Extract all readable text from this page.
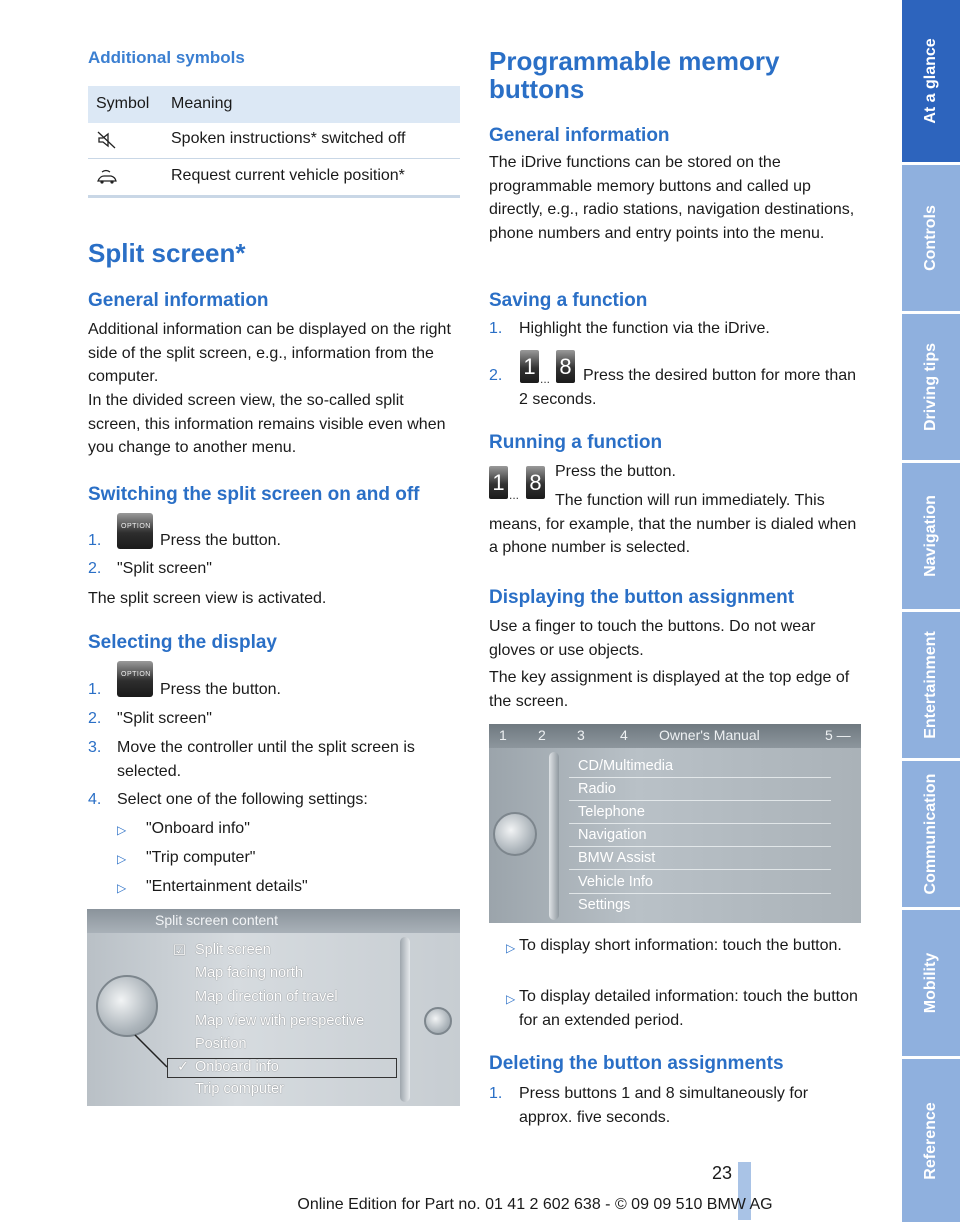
Additional symbols
Symbol Meaning
Spoken instructions* switched off
Request current vehicle position*
Split screen*
General information
Additional information can be displayed on the right side of the split screen, e.g., information from the computer.
In the divided screen view, the so-called split screen, this information remains visible even when you change to another menu.
Switching the split screen on and off
1.
OPTION
Press the button.
2. "Split screen"
The split screen view is activated.
Selecting the display
1.
OPTION
Press the button.
2. "Split screen"
3. Move the controller until the split screen is selected.
4. Select one of the following settings:
▷ "Onboard info"
▷ "Trip computer"
▷ "Entertainment details"
Split screen content
☑ Split screen
Map facing north
Map direction of travel
Map view with perspective
Position
✓ Onboard info
Trip computer
Programmable memory buttons
General information
The iDrive functions can be stored on the programmable memory buttons and called up directly, e.g., radio stations, navigation destinations, phone numbers and entry points into the menu.
Saving a function
1. Highlight the function via the iDrive.
2. 1 ... 8 Press the desired button for more than 2 seconds.
Running a function
1 ... 8 Press the button.
The function will run immediately. This means, for example, that the number is dialed when a phone number is selected.
Displaying the button assignment
Use a finger to touch the buttons. Do not wear gloves or use objects.
The key assignment is displayed at the top edge of the screen.
▷ To display short information: touch the button.
▷ To display detailed information: touch the button for an extended period.
Deleting the button assignments
1. Press buttons 1 and 8 simultaneously for approx. five seconds.
1 2 3	4 Owner's Manual	5 —
CD/Multimedia
Radio
Telephone
Navigation
BMW Assist
Vehicle Info
Settings
At a glance
Controls
Driving tips
Navigation
Entertainment
Communication
Mobility
Reference
23
Online Edition for Part no. 01 41 2 602 638 - © 09 09 510 BMW AG
